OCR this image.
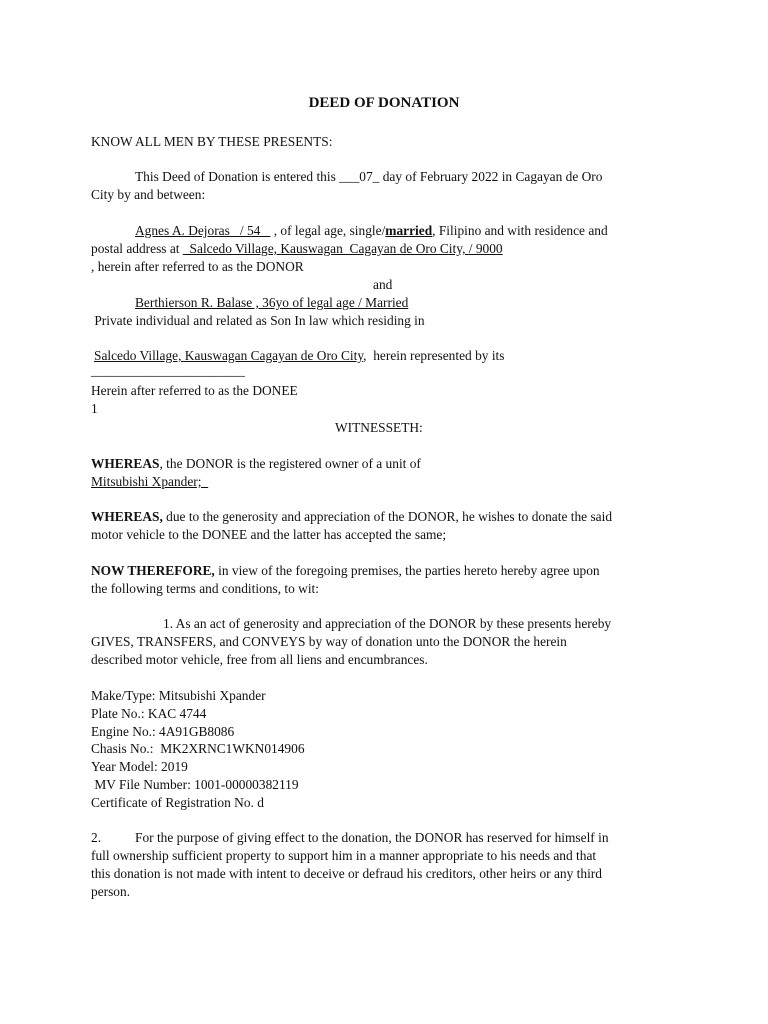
DEED OF DONATION
KNOW ALL MEN BY THESE PRESENTS:
This Deed of Donation is entered this ___07_ day of February 2022 in Cagayan de Oro
City by and between:
Agnes A. Dejoras   / 54    , of legal age, single/married, Filipino and with residence and
postal address at   Salcedo Village, Kauswagan  Cagayan de Oro City, / 9000
, herein after referred to as the DONOR
and
Berthierson R. Balase , 36yo of legal age / Married
Private individual and related as Son In law which residing in
Salcedo Village, Kauswagan Cagayan de Oro City,  herein represented by its
_______________________
Herein after referred to as the DONEE
1
WITNESSETH:
WHEREAS, the DONOR is the registered owner of a unit of
Mitsubishi Xpander;
WHEREAS, due to the generosity and appreciation of the DONOR, he wishes to donate the said
motor vehicle to the DONEE and the latter has accepted the same;
NOW THEREFORE, in view of the foregoing premises, the parties hereto hereby agree upon
the following terms and conditions, to wit:
1. As an act of generosity and appreciation of the DONOR by these presents hereby
GIVES, TRANSFERS, and CONVEYS by way of donation unto the DONOR the herein
described motor vehicle, free from all liens and encumbrances.
Make/Type: Mitsubishi Xpander
Plate No.: KAC 4744
Engine No.: 4A91GB8086
Chasis No.:  MK2XRNC1WKN014906
Year Model: 2019
MV File Number: 1001-00000382119
Certificate of Registration No. d
2.	For the purpose of giving effect to the donation, the DONOR has reserved for himself in
full ownership sufficient property to support him in a manner appropriate to his needs and that
this donation is not made with intent to deceive or defraud his creditors, other heirs or any third
person.
